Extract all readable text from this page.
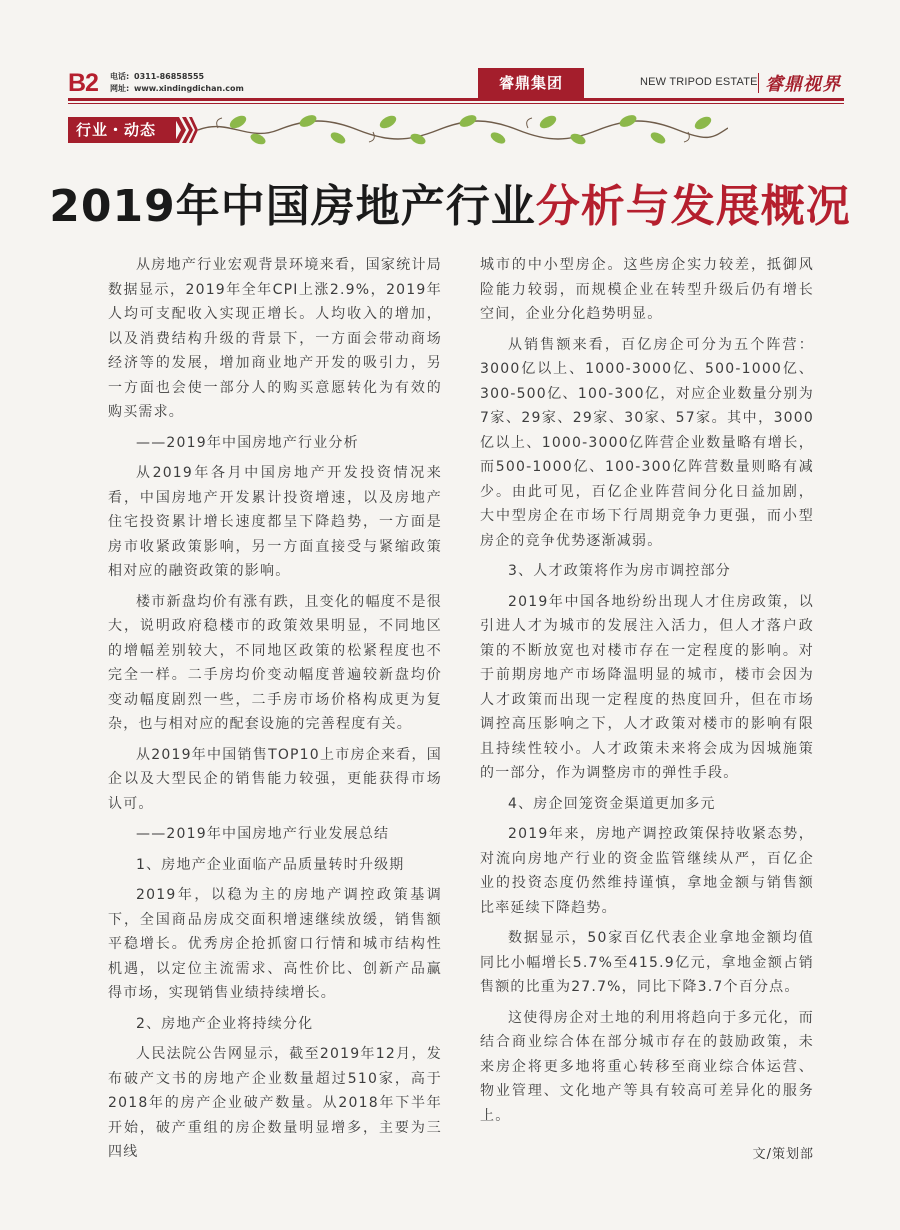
B2 电话: 0311-86858555
网址: www.xindingdichan.com	睿鼎集团	NEW TRIPOD ESTATE 睿鼎视界
行业・动态
2019年中国房地产行业分析与发展概况

从房地产行业宏观背景环境来看，国家统计局数据显示，2019年全年CPI上涨2.9%，2019年人均可支配收入实现正增长。人均收入的增加，以及消费结构升级的背景下，一方面会带动商场经济等的发展，增加商业地产开发的吸引力，另一方面也会使一部分人的购买意愿转化为有效的购买需求。

——2019年中国房地产行业分析

从2019年各月中国房地产开发投资情况来看，中国房地产开发累计投资增速，以及房地产住宅投资累计增长速度都呈下降趋势，一方面是房市收紧政策影响，另一方面直接受与紧缩政策相对应的融资政策的影响。

楼市新盘均价有涨有跌，且变化的幅度不是很大，说明政府稳楼市的政策效果明显，不同地区的增幅差别较大，不同地区政策的松紧程度也不完全一样。二手房均价变动幅度普遍较新盘均价变动幅度剧烈一些，二手房市场价格构成更为复杂，也与相对应的配套设施的完善程度有关。

从2019年中国销售TOP10上市房企来看，国企以及大型民企的销售能力较强，更能获得市场认可。

——2019年中国房地产行业发展总结

1、房地产企业面临产品质量转时升级期

2019年，以稳为主的房地产调控政策基调下，全国商品房成交面积增速继续放缓，销售额平稳增长。优秀房企抢抓窗口行情和城市结构性机遇，以定位主流需求、高性价比、创新产品赢得市场，实现销售业绩持续增长。

2、房地产企业将持续分化

人民法院公告网显示，截至2019年12月，发布破产文书的房地产企业数量超过510家，高于2018年的房产企业破产数量。从2018年下半年开始，破产重组的房企数量明显增多，主要为三四线

城市的中小型房企。这些房企实力较差，抵御风险能力较弱，而规模企业在转型升级后仍有增长空间，企业分化趋势明显。

从销售额来看，百亿房企可分为五个阵营：3000亿以上、1000-3000亿、500-1000亿、300-500亿、100-300亿，对应企业数量分别为7家、29家、29家、30家、57家。其中，3000亿以上、1000-3000亿阵营企业数量略有增长，而500-1000亿、100-300亿阵营数量则略有减少。由此可见，百亿企业阵营间分化日益加剧，大中型房企在市场下行周期竞争力更强，而小型房企的竞争优势逐渐减弱。

3、人才政策将作为房市调控部分

2019年中国各地纷纷出现人才住房政策，以引进人才为城市的发展注入活力，但人才落户政策的不断放宽也对楼市存在一定程度的影响。对于前期房地产市场降温明显的城市，楼市会因为人才政策而出现一定程度的热度回升，但在市场调控高压影响之下，人才政策对楼市的影响有限且持续性较小。人才政策未来将会成为因城施策的一部分，作为调整房市的弹性手段。

4、房企回笼资金渠道更加多元

2019年来，房地产调控政策保持收紧态势，对流向房地产行业的资金监管继续从严，百亿企业的投资态度仍然维持谨慎，拿地金额与销售额比率延续下降趋势。

数据显示，50家百亿代表企业拿地金额均值同比小幅增长5.7%至415.9亿元，拿地金额占销售额的比重为27.7%，同比下降3.7个百分点。

这使得房企对土地的利用将趋向于多元化，而结合商业综合体在部分城市存在的鼓励政策，未来房企将更多地将重心转移至商业综合体运营、物业管理、文化地产等具有较高可差异化的服务上。

文/策划部
